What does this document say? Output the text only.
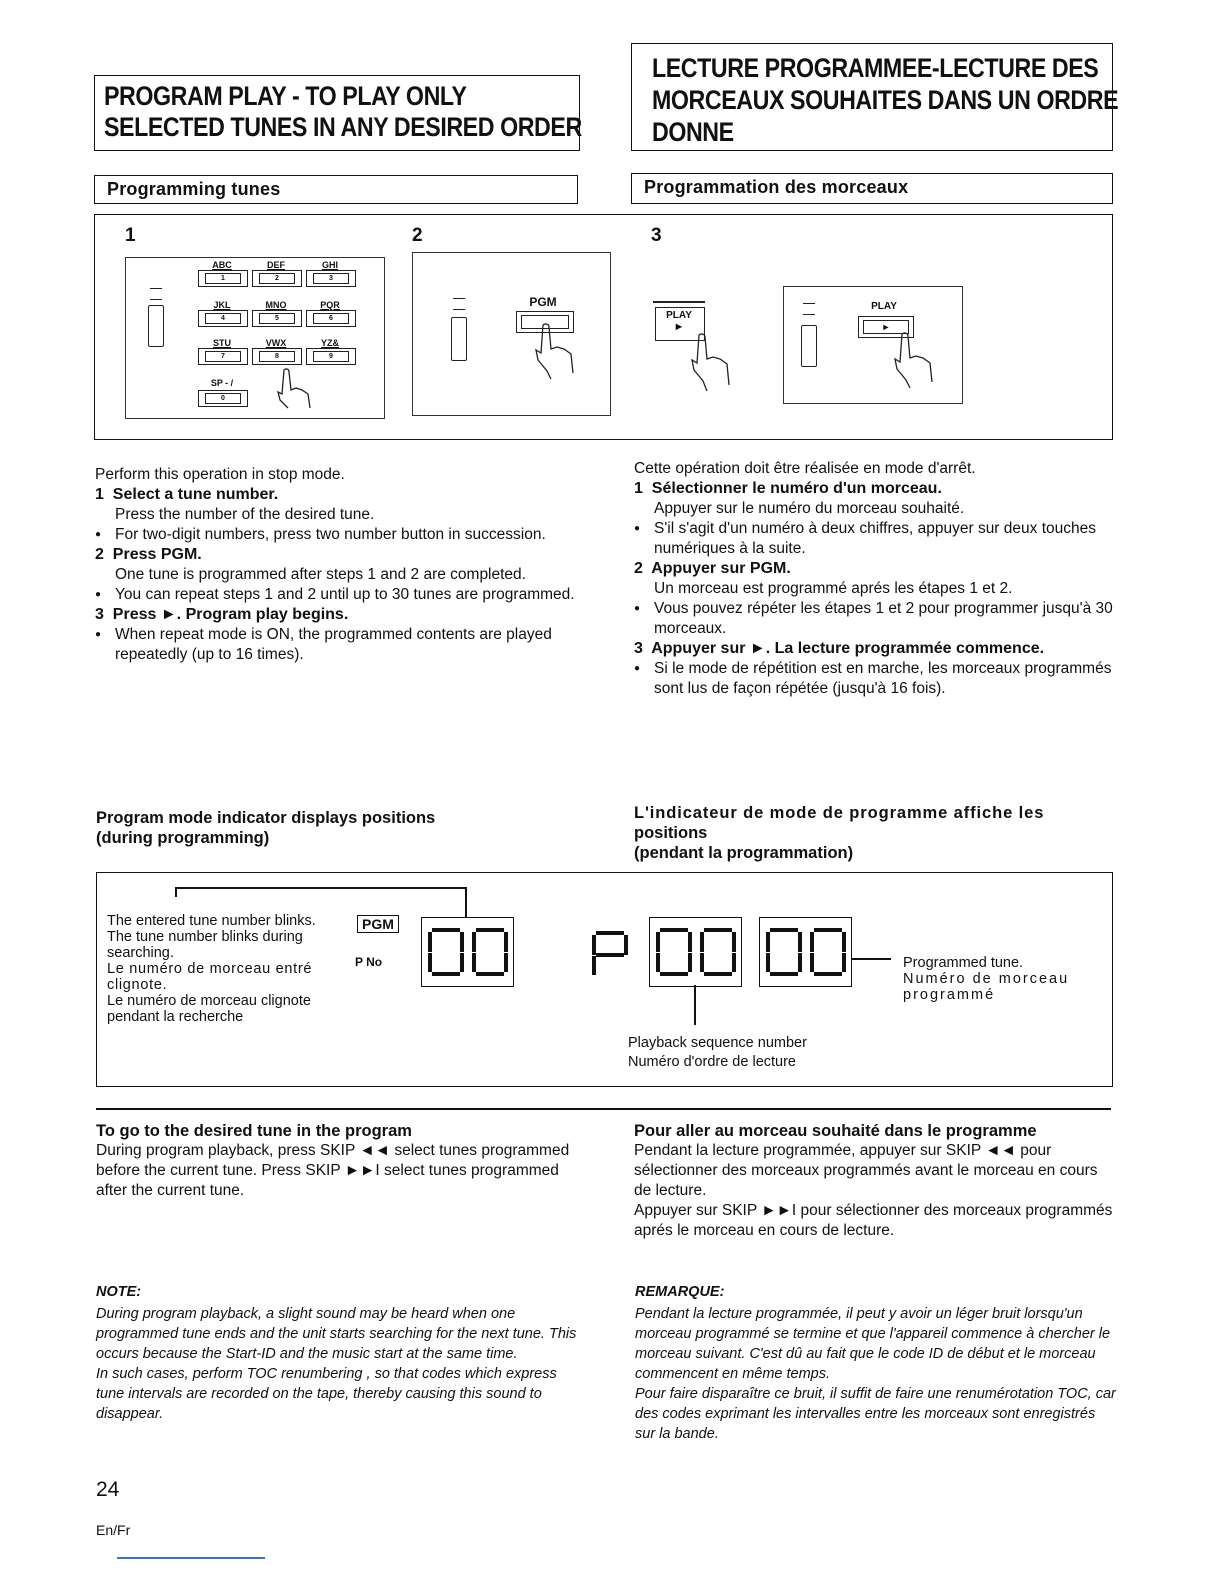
PROGRAM PLAY - TO PLAY ONLY
SELECTED TUNES IN ANY DESIRED ORDER
LECTURE PROGRAMMEE-LECTURE DES
MORCEAUX SOUHAITES DANS UN ORDRE
DONNE
Programming tunes	Programmation des morceaux
1	2	3
ABC
1
DEF
2
GHI
3
JKL
4
MNO
5
PQR
6
STU
7
VWX
8
YZ&
9
SP - /
0
PGM
PLAY
►
PLAY
►

Perform this operation in stop mode.

1  Select a tune number.

Press the number of the desired tune.

● For two-digit numbers, press two number button in succession.

2  Press PGM.

One tune is programmed after steps 1 and 2 are completed.

● You can repeat steps 1 and 2 until up to 30 tunes are programmed.

3  Press ►. Program play begins.

● When repeat mode is ON, the programmed contents are played repeatedly (up to 16 times).

Cette opération doit être réalisée en mode d'arrêt.

1  Sélectionner le numéro d'un morceau.

Appuyer sur le numéro du morceau souhaité.

● S'il s'agit d'un numéro à deux chiffres, appuyer sur deux touches numériques à la suite.

2  Appuyer sur PGM.

Un morceau est programmé aprés les étapes 1 et 2.

● Vous pouvez répéter les étapes 1 et 2 pour programmer jusqu'à 30 morceaux.

3  Appuyer sur ►. La lecture programmée commence.

● Si le mode de répétition est en marche, les morceaux programmés sont lus de façon répétée (jusqu'à 16 fois).

Program mode indicator displays positions
(during programming)
L'indicateur de mode de programme affiche les
positions
(pendant la programmation)

The entered tune number blinks.

The tune number blinks during searching.

Le numéro de morceau entré clignote.

Le numéro de morceau clignote pendant la recherche

PGM
P No	Programmed tune.

Numéro de morceau programmé

Playback sequence number

Numéro d'ordre de lecture

To go to the desired tune in the program

During program playback, press SKIP ◄◄ select tunes programmed before the current tune. Press SKIP ►►I select tunes programmed after the current tune.

Pour aller au morceau souhaité dans le programme

Pendant la lecture programmée, appuyer sur SKIP ◄◄ pour sélectionner des morceaux programmés avant le morceau en cours de lecture.

Appuyer sur SKIP ►►I pour sélectionner des morceaux programmés aprés le morceau en cours de lecture.

NOTE:

During program playback, a slight sound may be heard when one programmed tune ends and the unit starts searching for the next tune. This occurs because the Start-ID and the music start at the same time.

In such cases, perform TOC renumbering , so that codes which express tune intervals are recorded on the tape, thereby causing this sound to disappear.

REMARQUE:

Pendant la lecture programmée, il peut y avoir un léger bruit lorsqu'un morceau programmé se termine et que l'appareil commence à chercher le morceau suivant. C'est dû au fait que le code ID de début et le morceau commencent en même temps.

Pour faire disparaître ce bruit, il suffit de faire une renumérotation TOC, car des codes exprimant les intervalles entre les morceaux sont enregistrés sur la bande.

24
En/Fr
